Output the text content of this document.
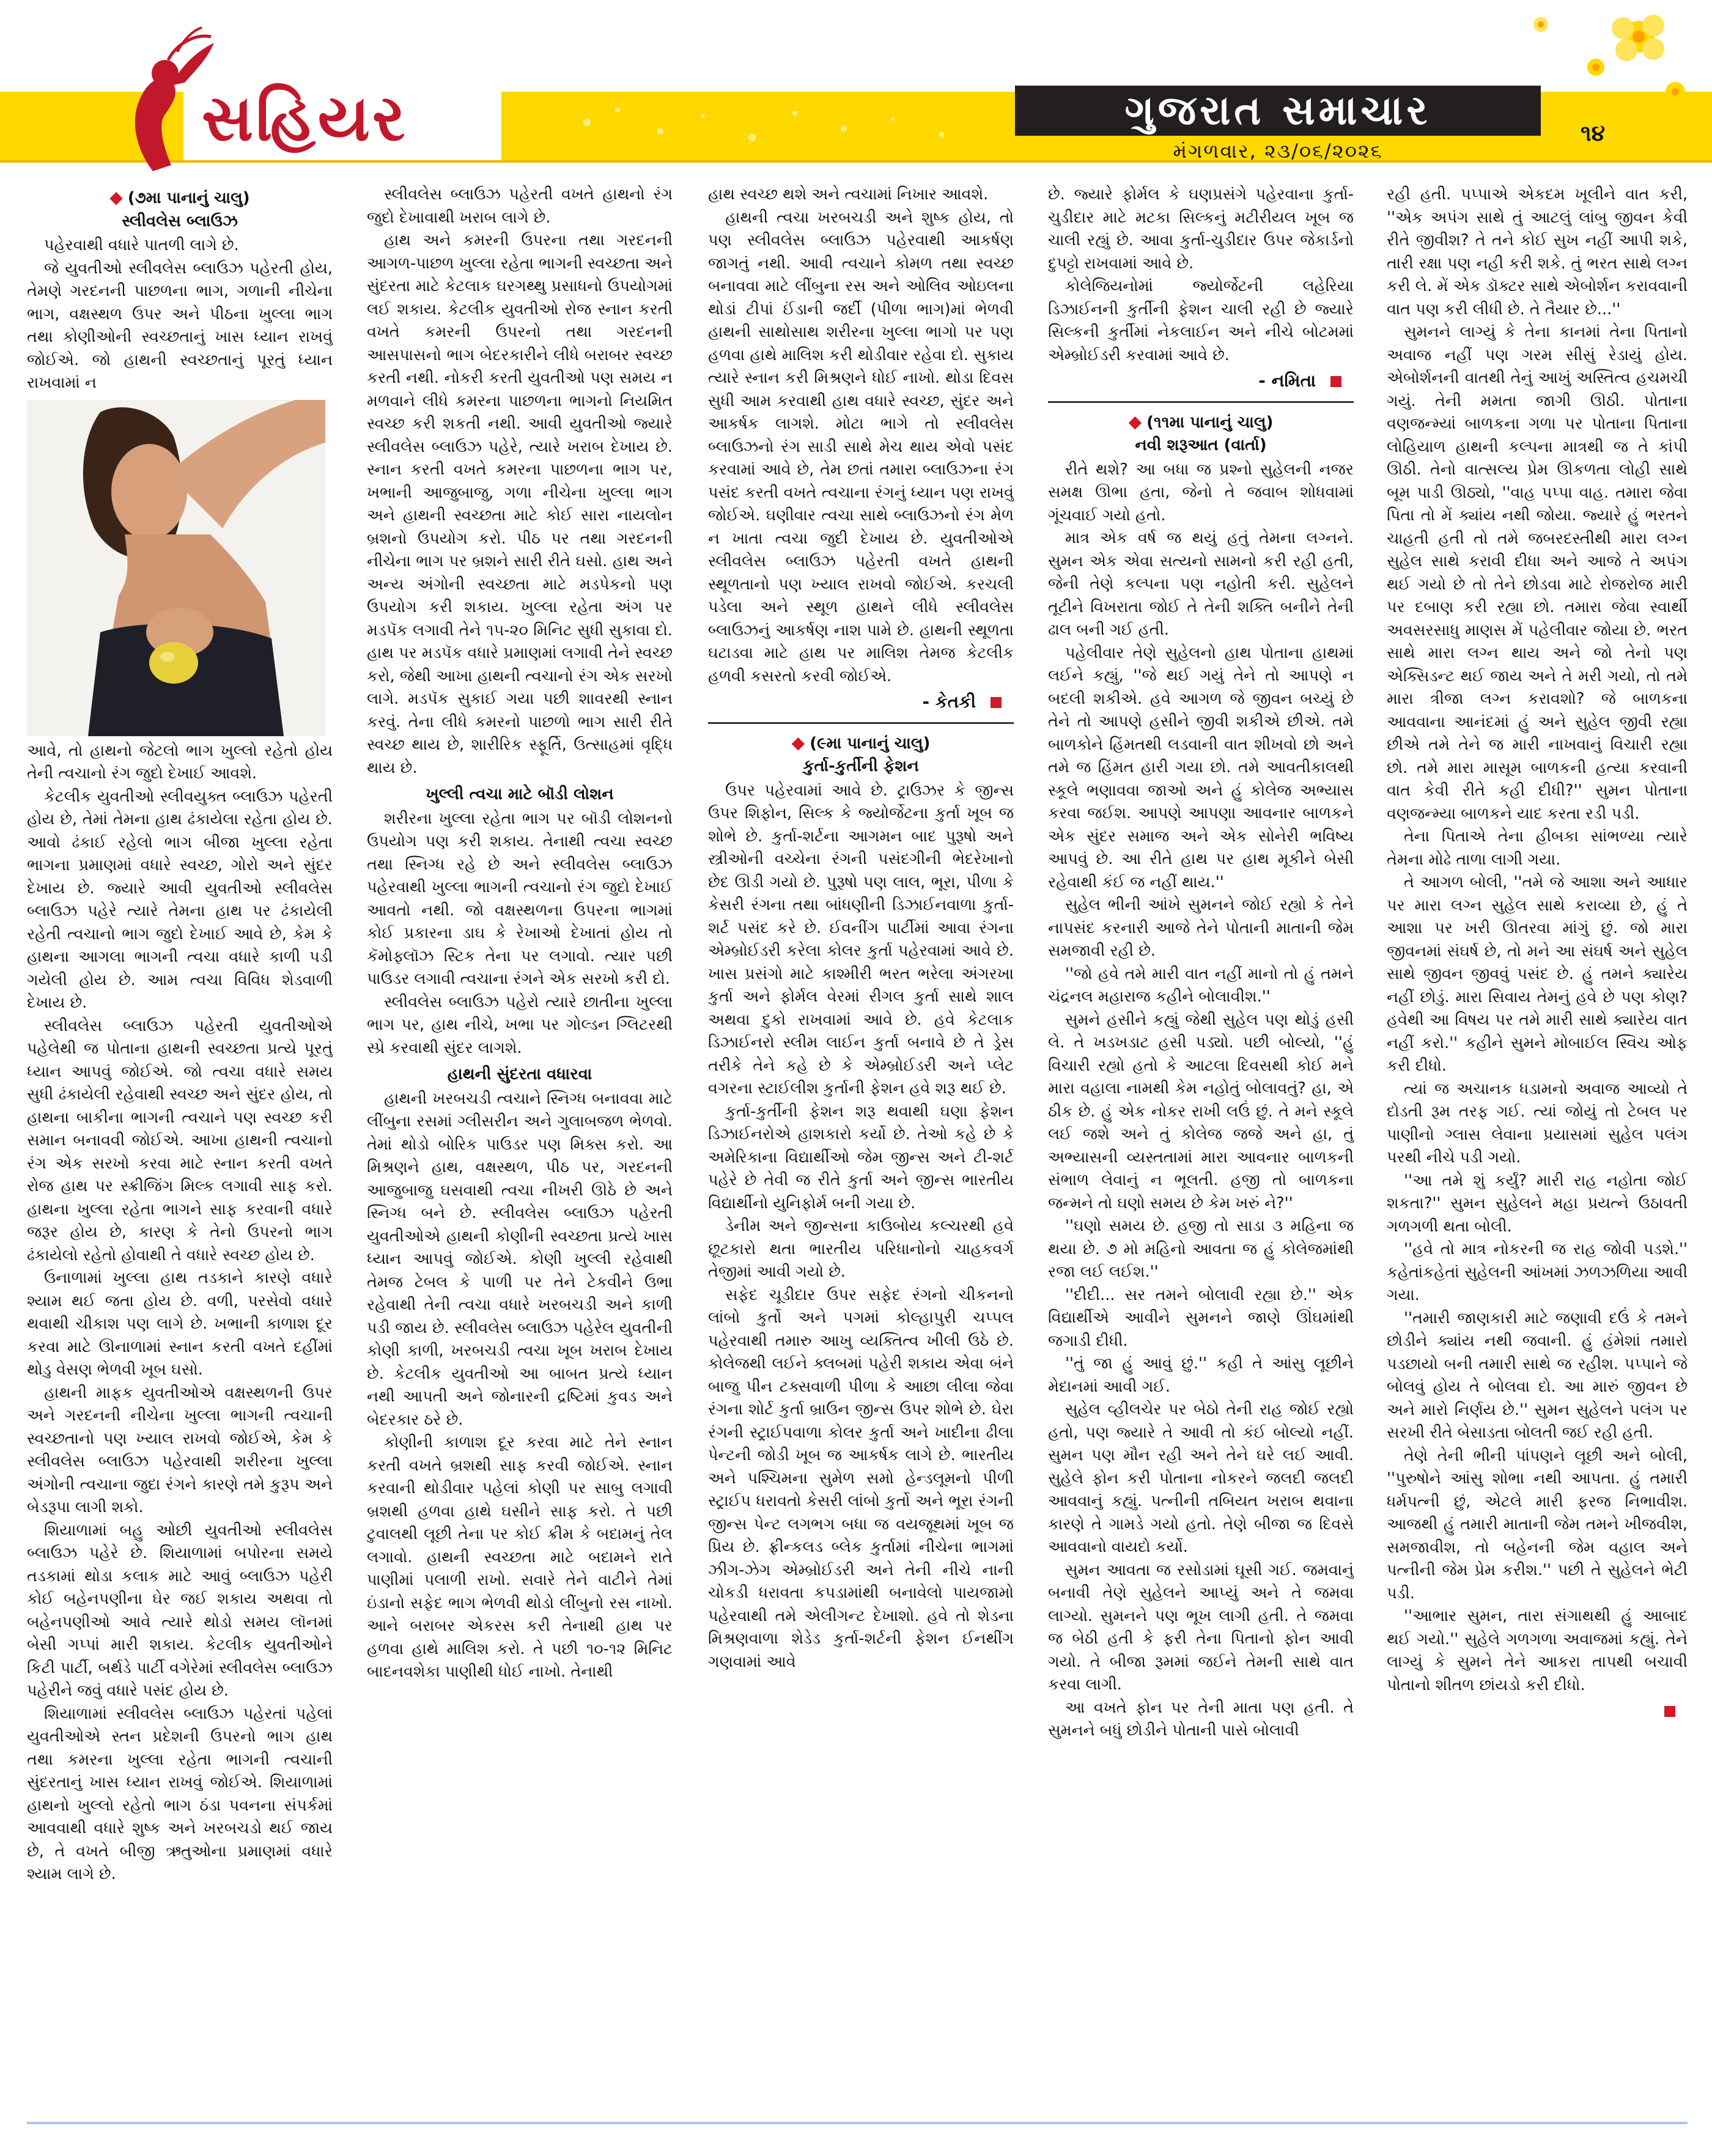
સહિયર	ગુજરાત સમાચાર
મંગળવાર, ૨૩/૦૬/૨૦૨૬
૧૪
◆ (૭મા પાનાનું ચાલુ)
સ્લીવલેસ બ્લાઉઝ

પહેરવાથી વધારે પાતળી લાગે છે.

જે યુવતીઓ સ્લીવલેસ બ્લાઉઝ પહેરતી હોય, તેમણે ગરદનની પાછળના ભાગ, ગળાની નીચેના ભાગ, વક્ષસ્થળ ઉપર અને પીઠના ખુલ્લા ભાગ તથા કોણીઓની સ્વચ્છતાનું ખાસ ધ્યાન રાખવું જોઈએ. જો હાથની સ્વચ્છતાનું પૂરતું ધ્યાન રાખવામાં ન

આવે, તો હાથનો જેટલો ભાગ ખુલ્લો રહેતો હોય તેની ત્વચાનો રંગ જુદો દેખાઈ આવશે.

કેટલીક યુવતીઓ સ્લીવયુક્ત બ્લાઉઝ પહેરતી હોય છે, તેમાં તેમના હાથ ઢંકાયેલા રહેતા હોય છે. આવો ઢંકાઈ રહેલો ભાગ બીજા ખુલ્લા રહેતા ભાગના પ્રમાણમાં વધારે સ્વચ્છ, ગોરો અને સુંદર દેખાય છે. જ્યારે આવી યુવતીઓ સ્લીવલેસ બ્લાઉઝ પહેરે ત્યારે તેમના હાથ પર ઢંકાયેલી રહેતી ત્વચાનો ભાગ જુદો દેખાઈ આવે છે, કેમ કે હાથના આગલા ભાગની ત્વચા વધારે કાળી પડી ગયેલી હોય છે. આમ ત્વચા વિવિધ શેડવાળી દેખાય છે.

સ્લીવલેસ બ્લાઉઝ પહેરતી યુવતીઓએ પહેલેથી જ પોતાના હાથની સ્વચ્છતા પ્રત્યે પૂરતું ધ્યાન આપવું જોઈએ. જો ત્વચા વધારે સમય સુધી ઢંકાયેલી રહેવાથી સ્વચ્છ અને સુંદર હોય, તો હાથના બાકીના ભાગની ત્વચાને પણ સ્વચ્છ કરી સમાન બનાવવી જોઈએ. આખા હાથની ત્વચાનો રંગ એક સરખો કરવા માટે સ્નાન કરતી વખતે રોજ હાથ પર સ્ક્રીજિંગ મિલ્ક લગાવી સાફ કરો. હાથના ખુલ્લા રહેતા ભાગને સાફ કરવાની વધારે જરૂર હોય છે, કારણ કે તેનો ઉપરનો ભાગ ઢંકાયેલો રહેતો હોવાથી તે વધારે સ્વચ્છ હોય છે.

ઉનાળામાં ખુલ્લા હાથ તડકાને કારણે વધારે શ્યામ થઈ જતા હોય છે. વળી, પરસેવો વધારે થવાથી ચીકાશ પણ લાગે છે. ખભાની કાળાશ દૂર કરવા માટે ઊનાળામાં સ્નાન કરતી વખતે દહીંમાં થોડુ વેસણ ભેળવી ખૂબ ઘસો.

હાથની માફક યુવતીઓએ વક્ષસ્થળની ઉપર અને ગરદનની નીચેના ખુલ્લા ભાગની ત્વચાની સ્વચ્છતાનો પણ ખ્યાલ રાખવો જોઈએ, કેમ કે સ્લીવલેસ બ્લાઉઝ પહેરવાથી શરીરના ખુલ્લા અંગોની ત્વચાના જુદા રંગને કારણે તમે કુરૂપ અને બેડરૂપા લાગી શકો.

શિયાળામાં બહુ ઓછી યુવતીઓ સ્લીવલેસ બ્લાઉઝ પહેરે છે. શિયાળામાં બપોરના સમયે તડકામાં થોડા કલાક માટે આવું બ્લાઉઝ પહેરી કોઈ બહેનપણીના ઘેર જઈ શકાય અથવા તો બહેનપણીઓ આવે ત્યારે થોડો સમય લૉનમાં બેસી ગપ્પાં મારી શકાય. કેટલીક યુવતીઓને કિટી પાર્ટી, બર્થડે પાર્ટી વગેરેમાં સ્લીવલેસ બ્લાઉઝ પહેરીને જવું વધારે પસંદ હોય છે.

શિયાળામાં સ્લીવલેસ બ્લાઉઝ પહેરતાં પહેલાં યુવતીઓએ સ્તન પ્રદેશની ઉપરનો ભાગ હાથ તથા કમરના ખુલ્લા રહેતા ભાગની ત્વચાની સુંદરતાનું ખાસ ધ્યાન રાખવું જોઈએ. શિયાળામાં હાથનો ખુલ્લો રહેતો ભાગ ઠંડા પવનના સંપર્કમાં આવવાથી વધારે શુષ્ક અને ખરબચડો થઈ જાય છે, તે વખતે બીજી ઋતુઓના પ્રમાણમાં વધારે શ્યામ લાગે છે.

સ્લીવલેસ બ્લાઉઝ પહેરતી વખતે હાથનો રંગ જુદો દેખાવાથી ખરાબ લાગે છે.

હાથ અને કમરની ઉપરના તથા ગરદનની આગળ-પાછળ ખુલ્લા રહેતા ભાગની સ્વચ્છતા અને સુંદરતા માટે કેટલાક ઘરગથ્થુ પ્રસાધનો ઉપયોગમાં લઈ શકાય. કેટલીક યુવતીઓ રોજ સ્નાન કરતી વખતે કમરની ઉપરનો તથા ગરદનની આસપાસનો ભાગ બેદરકારીને લીધે બરાબર સ્વચ્છ કરતી નથી. નોકરી કરતી યુવતીઓ પણ સમય ન મળવાને લીધે કમરના પાછળના ભાગનો નિયમિત સ્વચ્છ કરી શકતી નથી. આવી યુવતીઓ જ્યારે સ્લીવલેસ બ્લાઉઝ પહેરે, ત્યારે ખરાબ દેખાય છે. સ્નાન કરતી વખતે કમરના પાછળના ભાગ પર, ખભાની આજુબાજુ, ગળા નીચેના ખુલ્લા ભાગ અને હાથની સ્વચ્છતા માટે કોઈ સારા નાયલોન બ્રશનો ઉપયોગ કરો. પીઠ પર તથા ગરદનની નીચેના ભાગ પર બ્રશને સારી રીતે ઘસો. હાથ અને અન્ય અંગોની સ્વચ્છતા માટે મડપેકનો પણ ઉપયોગ કરી શકાય. ખુલ્લા રહેતા અંગ પર મડપૅક લગાવી તેને ૧૫-૨૦ મિનિટ સુધી સુકાવા દો. હાથ પર મડપૅક વધારે પ્રમાણમાં લગાવી તેને સ્વચ્છ કરો, જેથી આખા હાથની ત્વચાનો રંગ એક સરખો લાગે. મડપૅક સુકાઈ ગયા પછી શાવરથી સ્નાન કરવું. તેના લીધે કમરનો પાછળો ભાગ સારી રીતે સ્વચ્છ થાય છે, શારીરિક સ્ફૂર્તિ, ઉત્સાહમાં વૃદ્ધિ થાય છે.

ખુલ્લી ત્વચા માટે બૉડી લોશન

શરીરના ખુલ્લા રહેતા ભાગ પર બૉડી લોશનનો ઉપયોગ પણ કરી શકાય. તેનાથી ત્વચા સ્વચ્છ તથા સ્નિગ્ધ રહે છે અને સ્લીવલેસ બ્લાઉઝ પહેરવાથી ખુલ્લા ભાગની ત્વચાનો રંગ જુદો દેખાઈ આવતો નથી. જો વક્ષસ્થળના ઉપરના ભાગમાં કોઈ પ્રકારના ડાઘ કે રેખાઓ દેખાતાં હોય તો કૅમોફ્લૉઝ સ્ટિક તેના પર લગાવો. ત્યાર પછી પાઉડર લગાવી ત્વચાના રંગને એક સરખો કરી દો.

સ્લીવલેસ બ્લાઉઝ પહેરો ત્યારે છાતીના ખુલ્લા ભાગ પર, હાથ નીચે, ખભા પર ગોલ્ડન ગ્લિટરથી સ્પ્રે કરવાથી સુંદર લાગશે.

હાથની સુંદરતા વધારવા

હાથની ખરબચડી ત્વચાને સ્નિગ્ધ બનાવવા માટે લીંબુના રસમાં ગ્લીસરીન અને ગુલાબજળ ભેળવો. તેમાં થોડો બોરિક પાઉડર પણ મિક્સ કરો. આ મિશ્રણને હાથ, વક્ષસ્થળ, પીઠ પર, ગરદનની આજુબાજુ ઘસવાથી ત્વચા નીખરી ઊઠે છે અને સ્નિગ્ધ બને છે. સ્લીવલેસ બ્લાઉઝ પહેરતી યુવતીઓએ હાથની કોણીની સ્વચ્છતા પ્રત્યે ખાસ ધ્યાન આપવું જોઈએ. કોણી ખુલ્લી રહેવાથી તેમજ ટેબલ કે પાળી પર તેને ટેકવીને ઉભા રહેવાથી તેની ત્વચા વધારે ખરબચડી અને કાળી પડી જાય છે. સ્લીવલેસ બ્લાઉઝ પહેરેલ યુવતીની કોણી કાળી, ખરબચડી ત્વચા ખૂબ ખરાબ દેખાય છે. કેટલીક યુવતીઓ આ બાબત પ્રત્યે ધ્યાન નથી આપતી અને જોનારની દ્રષ્ટિમાં કુવડ અને બેદરકાર ઠરે છે.

કોણીની કાળાશ દૂર કરવા માટે તેને સ્નાન કરતી વખતે બ્રશથી સાફ કરવી જોઈએ. સ્નાન કરવાની થોડીવાર પહેલાં કોણી પર સાબુ લગાવી બ્રશથી હળવા હાથે ઘસીને સાફ કરો. તે પછી ટુવાલથી લૂછી તેના પર કોઈ ક્રીમ કે બદામનું તેલ લગાવો. હાથની સ્વચ્છતા માટે બદામને રાતે પાણીમાં પલાળી રાખો. સવારે તેને વાટીને તેમાં ઇંડાનો સફેદ ભાગ ભેળવી થોડો લીંબુનો રસ નાખો. આને બરાબર એકરસ કરી તેનાથી હાથ પર હળવા હાથે માલિશ કરો. તે પછી ૧૦-૧૨ મિનિટ બાદનવશેકા પાણીથી ધોઈ નાખો. તેનાથી

હાથ સ્વચ્છ થશે અને ત્વચામાં નિખાર આવશે.

હાથની ત્વચા ખરબચડી અને શુષ્ક હોય, તો પણ સ્લીવલેસ બ્લાઉઝ પહેરવાથી આકર્ષણ જાગતું નથી. આવી ત્વચાને કોમળ તથા સ્વચ્છ બનાવવા માટે લીંબુના રસ અને ઓલિવ ઓઇલના થોડાં ટીપાં ઈંડાની જર્દી (પીળા ભાગ)માં ભેળવી હાથની સાથોસાથ શરીરના ખુલ્લા ભાગો પર પણ હળવા હાથે માલિશ કરી થોડીવાર રહેવા દો. સુકાય ત્યારે સ્નાન કરી મિશ્રણને ધોઈ નાખો. થોડા દિવસ સુધી આમ કરવાથી હાથ વધારે સ્વચ્છ, સુંદર અને આકર્ષક લાગશે. મોટા ભાગે તો સ્લીવલેસ બ્લાઉઝનો રંગ સાડી સાથે મેચ થાય એવો પસંદ કરવામાં આવે છે, તેમ છતાં તમારા બ્લાઉઝના રંગ પસંદ કરતી વખતે ત્વચાના રંગનું ધ્યાન પણ રાખવું જોઈએ. ઘણીવાર ત્વચા સાથે બ્લાઉઝનો રંગ મેળ ન ખાતા ત્વચા જુદી દેખાય છે. યુવતીઓએ સ્લીવલેસ બ્લાઉઝ પહેરતી વખતે હાથની સ્થૂળતાનો પણ ખ્યાલ રાખવો જોઈએ. કરચલી પડેલા અને સ્થૂળ હાથને લીધે સ્લીવલેસ બ્લાઉઝનું આકર્ષણ નાશ પામે છે. હાથની સ્થૂળતા ઘટાડવા માટે હાથ પર માલિશ તેમજ કેટલીક હળવી કસરતો કરવી જોઈએ.

- કેતકી
◆ (૯મા પાનાનું ચાલુ)
કુર્તા-કુર્તીની ફેશન

ઉપર પહેરવામાં આવે છે. ટ્રાઉઝર કે જીન્સ ઉપર શિફોન, સિલ્ક કે જ્યોર્જેટના કુર્તા ખૂબ જ શોભે છે. કુર્તા-શર્ટના આગમન બાદ પુરૂષો અને સ્ત્રીઓની વચ્ચેના રંગની પસંદગીની ભેદરેખાનો છેદ ઊડી ગયો છે. પુરૂષો પણ લાલ, ભૂરા, પીળા કે કેસરી રંગના તથા બાંધણીની ડિઝાઈનવાળા કુર્તા-શર્ટ પસંદ કરે છે. ઈવનીંગ પાર્ટીમાં આવા રંગના એમ્બ્રોઈડરી કરેલા કોલર કુર્તા પહેરવામાં આવે છે. ખાસ પ્રસંગો માટે કાશ્મીરી ભરત ભરેલા અંગરખા કુર્તા અને ફોર્મલ વેરમાં રીગલ કુર્તા સાથે શાલ અથવા દુકો રાખવામાં આવે છે. હવે કેટલાક ડિઝાઈનરો સ્લીમ લાઈન કુર્તા બનાવે છે તે ડ્રેસ તરીકે તેને કહે છે કે એમ્બ્રોઈડરી અને પ્લેટ વગરના સ્ટાઈલીશ કુર્તાની ફેશન હવે શરૂ થઈ છે.

કુર્તા-કુર્તીની ફેશન શરૂ થવાથી ઘણા ફેશન ડિઝાઈનરોએ હાશકારો કર્યો છે. તેઓ કહે છે કે અમેરિકાના વિદ્યાર્થીઓ જેમ જીન્સ અને ટી-શર્ટ પહેરે છે તેવી જ રીતે કુર્તા અને જીન્સ ભારતીય વિદ્યાર્થીનો યુનિફોર્મ બની ગયા છે.

ડેનીમ અને જીન્સના કાઉબોય કલ્ચરથી હવે છૂટકારો થતા ભારતીય પરિધાનોનો ચાહકવર્ગ તેજીમાં આવી ગયો છે.

સફેદ ચૂડીદાર ઉપર સફેદ રંગનો ચીકનનો લાંબો કુર્તો અને પગમાં કોલ્હાપુરી ચપ્પલ પહેરવાથી તમારુ આખુ વ્યક્તિત્વ ખીલી ઉઠે છે. કોલેજથી લઈને ક્લબમાં પહેરી શકાય એવા બંને બાજુ પીન ટક્સવાળી પીળા કે આછા લીલા જેવા રંગના શોર્ટ કુર્તા બ્રાઉન જીન્સ ઉપર શોભે છે. ઘેરા રંગની સ્ટ્રાઈપવાળા કોલર કુર્તા અને ખાદીના ઢીલા પેન્ટની જોડી ખૂબ જ આકર્ષક લાગે છે. ભારતીય અને પશ્ચિમના સુમેળ સમો હેન્ડલૂમનો પીળી સ્ટ્રાઈપ ધરાવતો કેસરી લાંબો કુર્તો અને ભૂરા રંગની જીન્સ પેન્ટ લગભગ બધા જ વયજૂથમાં ખૂબ જ પ્રિય છે. ફ્રીન્કલડ બ્લેક કુર્તામાં નીચેના ભાગમાં ઝીગ-ઝેગ એમ્બ્રોઈડરી અને તેની નીચે નાની ચોકડી ધરાવતા કપડામાંથી બનાવેલો પાયજામો પહેરવાથી તમે એલીગન્ટ દેખાશો. હવે તો શેડના મિશ્રણવાળા શેડેડ કુર્તા-શર્ટની ફેશન ઈનથીંગ ગણવામાં આવે

છે. જ્યારે ફોર્મલ કે ઘણપ્રસંગે પહેરવાના કુર્તા-ચુડીદાર માટે મટકા સિલ્કનું મટીરીયલ ખૂબ જ ચાલી રહ્યું છે. આવા કુર્તા-ચુડીદાર ઉપર જેકાર્ડનો દુપટ્ટો રાખવામાં આવે છે.

કોલેજિયનોમાં જ્યોર્જેટની લહેરિયા ડિઝાઈનની કુર્તીની ફેશન ચાલી રહી છે જ્યારે સિલ્કની કુર્તીમાં નેકલાઈન અને નીચે બોટમમાં એમ્બ્રોઈડરી કરવામાં આવે છે.

- નમિતા
◆ (૧૧મા પાનાનું ચાલુ)
નવી શરૂઆત (વાર્તા)

રીતે થશે? આ બધા જ પ્રશ્નો સુહેલની નજર સમક્ષ ઊભા હતા, જેનો તે જવાબ શોધવામાં ગૂંચવાઈ ગયો હતો.

માત્ર એક વર્ષ જ થયું હતું તેમના લગ્નને. સુમન એક એવા સત્યનો સામનો કરી રહી હતી, જેની તેણે કલ્પના પણ નહોતી કરી. સુહેલને તૂટીને વિખરાતા જોઈ તે તેની શક્તિ બનીને તેની ઢાલ બની ગઈ હતી.

પહેલીવાર તેણે સુહેલનો હાથ પોતાના હાથમાં લઈને કહ્યું, ''જે થઈ ગયું તેને તો આપણે ન બદલી શકીએ. હવે આગળ જે જીવન બચ્યું છે તેને તો આપણે હસીને જીવી શકીએ છીએ. તમે બાળકોને હિંમતથી લડવાની વાત શીખવો છો અને તમે જ હિંમત હારી ગયા છો. તમે આવતીકાલથી સ્કૂલે ભણાવવા જાઓ અને હું કોલેજ અભ્યાસ કરવા જઈશ. આપણે આપણા આવનાર બાળકને એક સુંદર સમાજ અને એક સોનેરી ભવિષ્ય આપવું છે. આ રીતે હાથ પર હાથ મૂકીને બેસી રહેવાથી કંઈ જ નહીં થાય.''

સુહેલ ભીની આંખે સુમનને જોઈ રહ્યો કે તેને નાપસંદ કરનારી આજે તેને પોતાની માતાની જેમ સમજાવી રહી છે.

''જો હવે તમે મારી વાત નહીં માનો તો હું તમને ચંદ્રનલ મહારાજ કહીને બોલાવીશ.''

સુમને હસીને કહ્યું જેથી સુહેલ પણ થોડું હસી લે. તે ખડખડાટ હસી પડ્યો. પછી બોલ્યો, ''હું વિચારી રહ્યો હતો કે આટલા દિવસથી કોઈ મને મારા વહાલા નામથી કેમ નહોતું બોલાવતું? હા, એ ઠીક છે. હું એક નોકર રાખી લઉં છું. તે મને સ્કૂલે લઈ જશે અને તું કોલેજ જજે અને હા, તું અભ્યાસની વ્યસ્તતામાં મારા આવનાર બાળકની સંભાળ લેવાનું ન ભૂલતી. હજી તો બાળકના જન્મને તો ઘણો સમય છે કેમ ખરું ને?''

''ઘણો સમય છે. હજી તો સાડા ૩ મહિના જ થયા છે. ૭ મો મહિનો આવતા જ હું કોલેજમાંથી રજા લઈ લઈશ.''

''દીદી... સર તમને બોલાવી રહ્યા છે.'' એક વિદ્યાર્થીએ આવીને સુમનને જાણે ઊંઘમાંથી જગાડી દીધી.

''તું જા હું આવું છું.'' કહી તે આંસુ લૂછીને મેદાનમાં આવી ગઈ.

સુહેલ વ્હીલચેર પર બેઠો તેની રાહ જોઈ રહ્યો હતો, પણ જ્યારે તે આવી તો કંઈ બોલ્યો નહીં. સુમન પણ મૌન રહી અને તેને ઘરે લઈ આવી. સુહેલે ફોન કરી પોતાના નોકરને જલદી જલદી આવવાનું કહ્યું. પત્નીની તબિયત ખરાબ થવાના કારણે તે ગામડે ગયો હતો. તેણે બીજા જ દિવસે આવવાનો વાયદો કર્યો.

સુમન આવતા જ રસોડામાં ઘૂસી ગઈ. જમવાનું બનાવી તેણે સુહેલને આપ્યું અને તે જમવા લાગ્યો. સુમનને પણ ભૂખ લાગી હતી. તે જમવા જ બેઠી હતી કે ફરી તેના પિતાનો ફોન આવી ગયો. તે બીજા રૂમમાં જઈને તેમની સાથે વાત કરવા લાગી.

આ વખતે ફોન પર તેની માતા પણ હતી. તે સુમનને બધું છોડીને પોતાની પાસે બોલાવી

રહી હતી. પપ્પાએ એકદમ ખૂલીને વાત કરી, ''એક અપંગ સાથે તું આટલું લાંબુ જીવન કેવી રીતે જીવીશ? તે તને કોઈ સુખ નહીં આપી શકે, તારી રક્ષા પણ નહી કરી શકે. તું ભરત સાથે લગ્ન કરી લે. મેં એક ડૉક્ટર સાથે એબોર્શન કરાવવાની વાત પણ કરી લીધી છે. તે તૈયાર છે...''

સુમનને લાગ્યું કે તેના કાનમાં તેના પિતાનો અવાજ નહીં પણ ગરમ સીસું રેડાયું હોય. એબોર્શનની વાતથી તેનું આખું અસ્તિત્વ હચમચી ગયું. તેની મમતા જાગી ઊઠી. પોતાના વણજન્મ્યાં બાળકના ગળા પર પોતાના પિતાના લોહિયાળ હાથની કલ્પના માત્રથી જ તે કાંપી ઊઠી. તેનો વાત્સલ્ય પ્રેમ ઊકળતા લોહી સાથે બૂમ પાડી ઊઠ્યો, ''વાહ પપ્પા વાહ. તમારા જેવા પિતા તો મેં ક્યાંય નથી જોયા. જ્યારે હું ભરતને ચાહતી હતી તો તમે જબરદસ્તીથી મારા લગ્ન સુહેલ સાથે કરાવી દીધા અને આજે તે અપંગ થઈ ગયો છે તો તેને છોડવા માટે રોજરોજ મારી પર દબાણ કરી રહ્યા છો. તમારા જેવા સ્વાર્થી અવસરસાધુ માણસ મેં પહેલીવાર જોયા છે. ભરત સાથે મારા લગ્ન થાય અને જો તેનો પણ એક્સિડન્ટ થઈ જાય અને તે મરી ગયો, તો તમે મારા ત્રીજા લગ્ન કરાવશો? જે બાળકના આવવાના આનંદમાં હું અને સુહેલ જીવી રહ્યા છીએ તમે તેને જ મારી નાખવાનું વિચારી રહ્યા છો. તમે મારા માસૂમ બાળકની હત્યા કરવાની વાત કેવી રીતે કહી દીધી?'' સુમન પોતાના વણજન્મ્યા બાળકને યાદ કરતા રડી પડી.

તેના પિતાએ તેના હીબકા સાંભળ્યા ત્યારે તેમના મોઢે તાળા લાગી ગયા.

તે આગળ બોલી, ''તમે જે આશા અને આધાર પર મારા લગ્ન સુહેલ સાથે કરાવ્યા છે, હું તે આશા પર ખરી ઊતરવા માંગું છું. જો મારા જીવનમાં સંઘર્ષ છે, તો મને આ સંઘર્ષ અને સુહેલ સાથે જીવન જીવવું પસંદ છે. હું તમને ક્યારેય નહીં છોડું. મારા સિવાય તેમનું હવે છે પણ કોણ? હવેથી આ વિષય પર તમે મારી સાથે ક્યારેય વાત નહીં કરો.'' કહીને સુમને મોબાઈલ સ્વિચ ઓફ કરી દીધો.

ત્યાં જ અચાનક ધડામનો અવાજ આવ્યો તે દોડતી રૂમ તરફ ગઈ. ત્યાં જોયું તો ટેબલ પર પાણીનો ગ્લાસ લેવાના પ્રયાસમાં સુહેલ પલંગ પરથી નીચે પડી ગયો.

''આ તમે શું કર્યું? મારી રાહ નહોતા જોઈ શકતા?'' સુમન સુહેલને મહા પ્રયત્ને ઉઠાવતી ગળગળી થતા બોલી.

''હવે તો માત્ર નોકરની જ રાહ જોવી પડશે.'' કહેતાંકહેતાં સુહેલની આંખમાં ઝળઝળિયા આવી ગયા.

''તમારી જાણકારી માટે જણાવી દઉં કે તમને છોડીને ક્યાંય નથી જવાની. હું હંમેશાં તમારો પડછાયો બની તમારી સાથે જ રહીશ. પપ્પાને જે બોલવું હોય તે બોલવા દો. આ મારું જીવન છે અને મારો નિર્ણય છે.'' સુમન સુહેલને પલંગ પર સરખી રીતે બેસાડતા બોલતી જઈ રહી હતી.

તેણે તેની ભીની પાંપણને લૂછી અને બોલી, ''પુરુષોને આંસુ શોભા નથી આપતા. હું તમારી ધર્મપત્ની છું, એટલે મારી ફરજ નિભાવીશ. આજથી હું તમારી માતાની જેમ તમને ખીજવીશ, સમજાવીશ, તો બહેનની જેમ વહાલ અને પત્નીની જેમ પ્રેમ કરીશ.'' પછી તે સુહેલને ભેટી પડી.

''આભાર સુમન, તારા સંગાથથી હું આબાદ થઈ ગયો.'' સુહેલે ગળગળા અવાજમાં કહ્યું. તેને લાગ્યું કે સુમને તેને આકરા તાપથી બચાવી પોતાનો શીતળ છાંયડો કરી દીધો.
